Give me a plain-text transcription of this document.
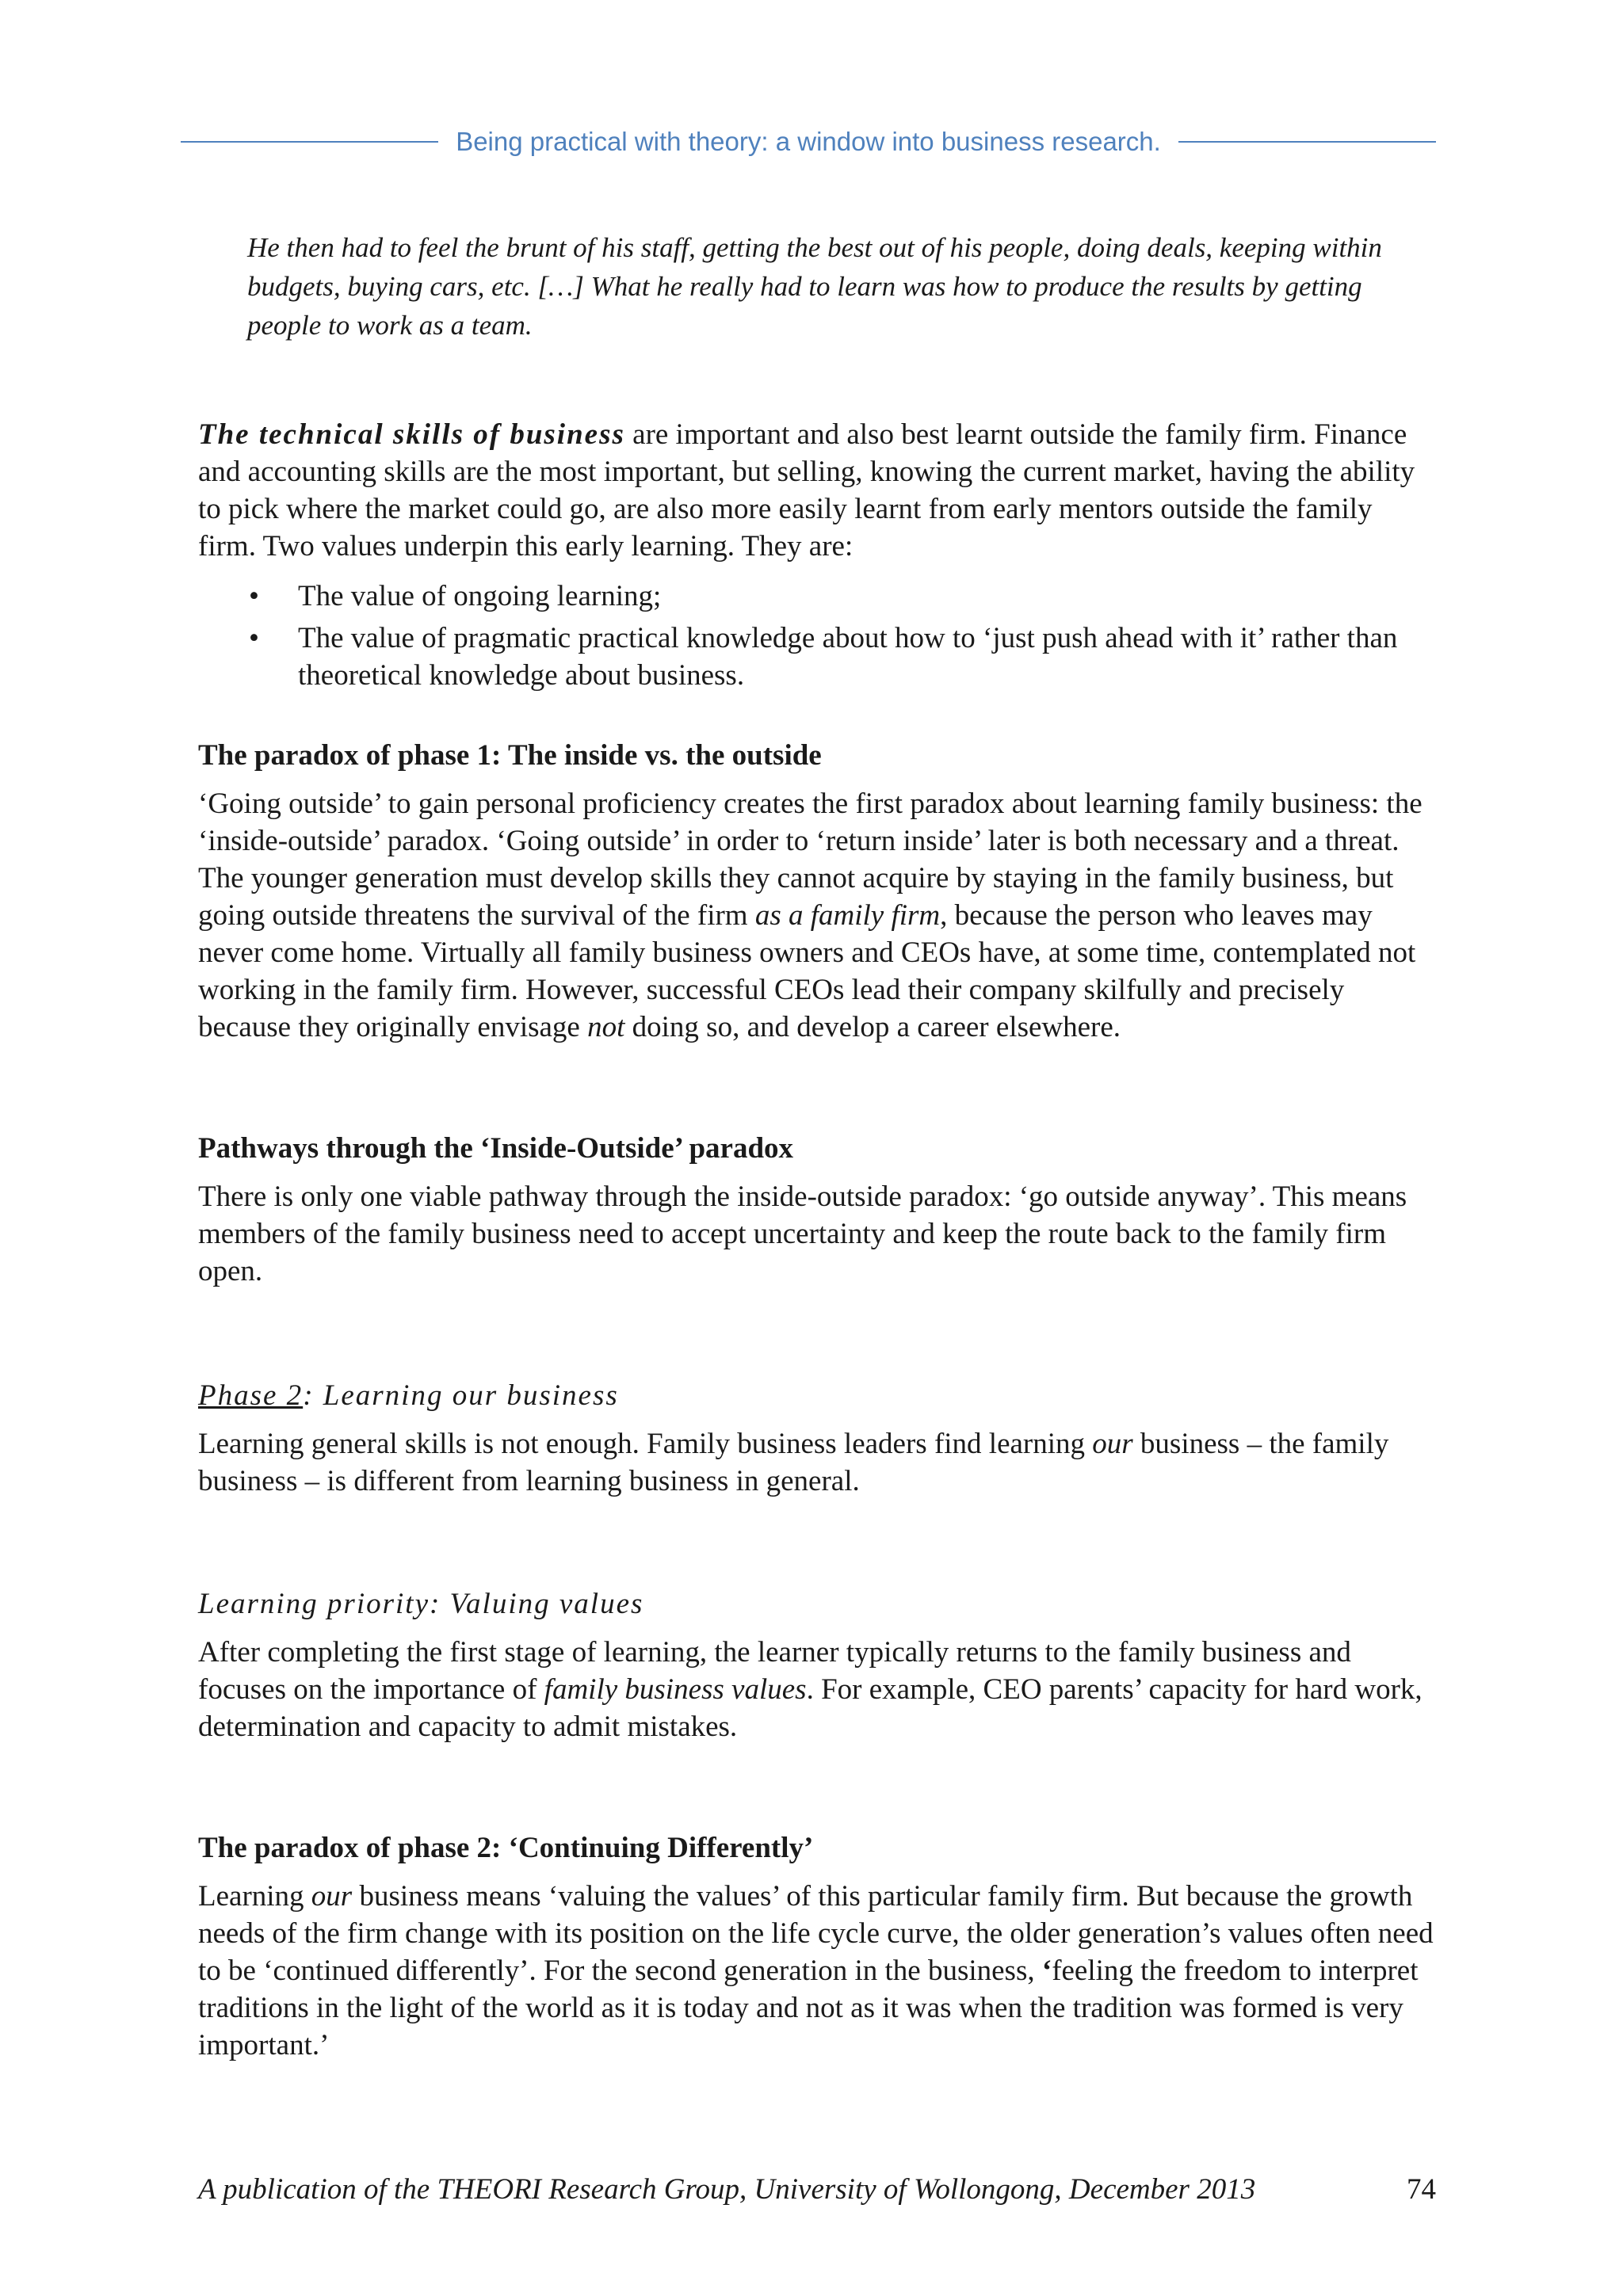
Being practical with theory: a window into business research.

He then had to feel the brunt of his staff, getting the best out of his people, doing deals, keeping within budgets, buying cars, etc. […] What he really had to learn was how to produce the results by getting people to work as a team.

The technical skills of business are important and also best learnt outside the family firm. Finance and accounting skills are the most important, but selling, knowing the current market, having the ability to pick where the market could go, are also more easily learnt from early mentors outside the family firm. Two values underpin this early learning. They are:

• The value of ongoing learning;
• The value of pragmatic practical knowledge about how to ‘just push ahead with it’ rather than theoretical knowledge about business.
The paradox of phase 1: The inside vs. the outside

‘Going outside’ to gain personal proficiency creates the first paradox about learning family business: the ‘inside-outside’ paradox. ‘Going outside’ in order to ‘return inside’ later is both necessary and a threat. The younger generation must develop skills they cannot acquire by staying in the family business, but going outside threatens the survival of the firm as a family firm, because the person who leaves may never come home. Virtually all family business owners and CEOs have, at some time, contemplated not working in the family firm. However, successful CEOs lead their company skilfully and precisely because they originally envisage not doing so, and develop a career elsewhere.

Pathways through the ‘Inside-Outside’ paradox

There is only one viable pathway through the inside-outside paradox: ‘go outside anyway’. This means members of the family business need to accept uncertainty and keep the route back to the family firm open.

Phase 2: Learning our business

Learning general skills is not enough. Family business leaders find learning our business – the family business – is different from learning business in general.

Learning priority: Valuing values

After completing the first stage of learning, the learner typically returns to the family business and focuses on the importance of family business values. For example, CEO parents’ capacity for hard work, determination and capacity to admit mistakes.

The paradox of phase 2: ‘Continuing Differently’

Learning our business means ‘valuing the values’ of this particular family firm. But because the growth needs of the firm change with its position on the life cycle curve, the older generation’s values often need to be ‘continued differently’. For the second generation in the business, ‘feeling the freedom to interpret traditions in the light of the world as it is today and not as it was when the tradition was formed is very important.’

A publication of the THEORI Research Group, University of Wollongong, December 2013	74
